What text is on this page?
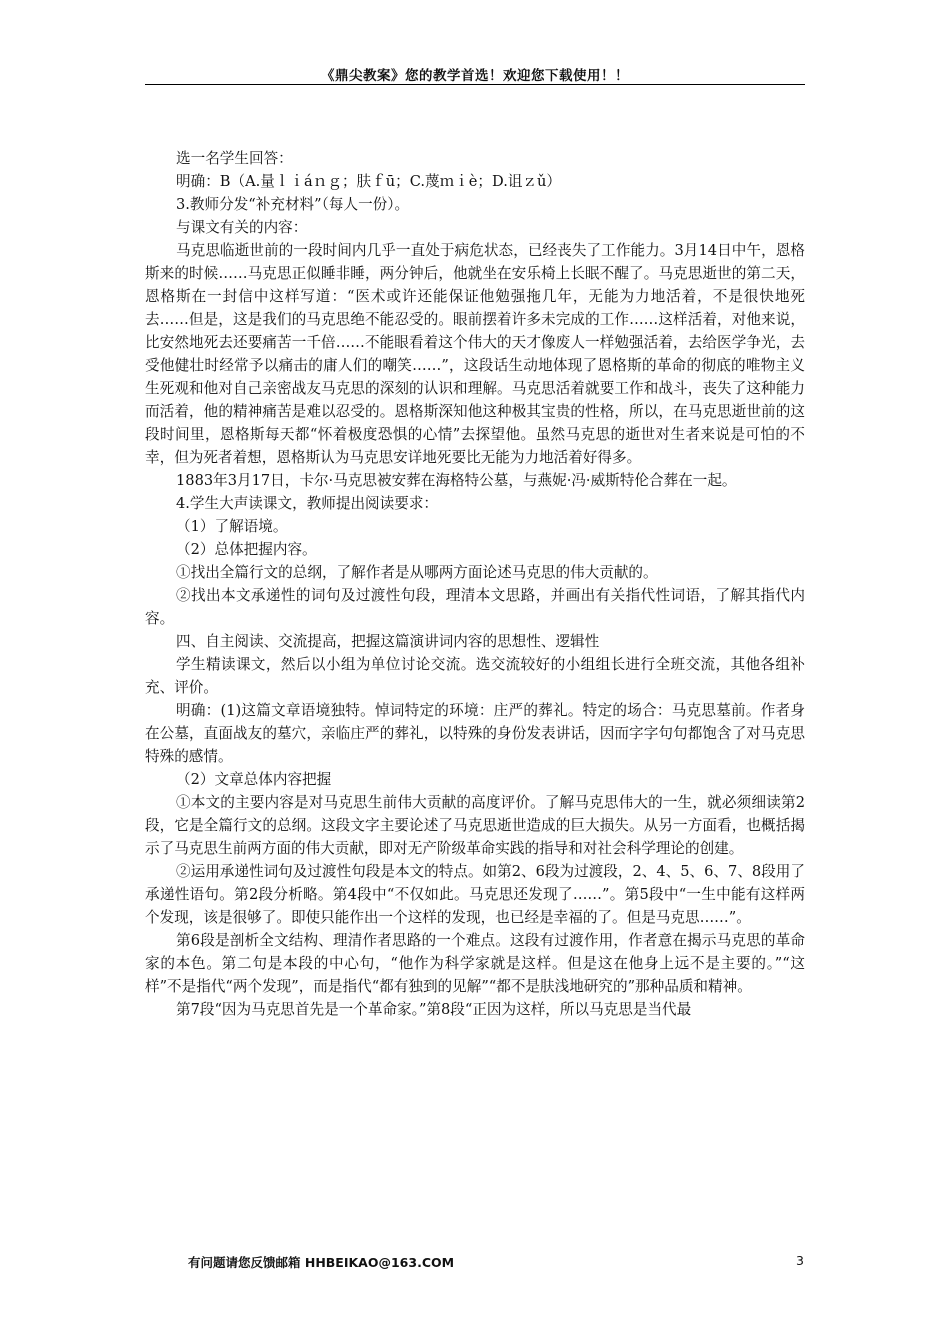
《鼎尖教案》您的教学首选！欢迎您下载使用！！

选一名学生回答：

明确：B（A.量ｌｉáｎｇ；肤ｆū；C.蔑ｍｉè；D.诅ｚǔ）

3.教师分发“补充材料”（每人一份）。

与课文有关的内容：

马克思临逝世前的一段时间内几乎一直处于病危状态，已经丧失了工作能力。3月14日中午，恩格斯来的时候……马克思正似睡非睡，两分钟后，他就坐在安乐椅上长眠不醒了。马克思逝世的第二天，恩格斯在一封信中这样写道：“医术或许还能保证他勉强拖几年，无能为力地活着，不是很快地死去……但是，这是我们的马克思绝不能忍受的。眼前摆着许多未完成的工作……这样活着，对他来说，比安然地死去还要痛苦一千倍……不能眼看着这个伟大的天才像废人一样勉强活着，去给医学争光，去受他健壮时经常予以痛击的庸人们的嘲笑……”，这段话生动地体现了恩格斯的革命的彻底的唯物主义生死观和他对自己亲密战友马克思的深刻的认识和理解。马克思活着就要工作和战斗，丧失了这种能力而活着，他的精神痛苦是难以忍受的。恩格斯深知他这种极其宝贵的性格，所以，在马克思逝世前的这段时间里，恩格斯每天都“怀着极度恐惧的心情”去探望他。虽然马克思的逝世对生者来说是可怕的不幸，但为死者着想，恩格斯认为马克思安详地死要比无能为力地活着好得多。

1883年3月17日，卡尔·马克思被安葬在海格特公墓，与燕妮·冯·威斯特伦合葬在一起。

4.学生大声读课文，教师提出阅读要求：

（1）了解语境。

（2）总体把握内容。

①找出全篇行文的总纲，了解作者是从哪两方面论述马克思的伟大贡献的。

②找出本文承递性的词句及过渡性句段，理清本文思路，并画出有关指代性词语，了解其指代内容。

四、自主阅读、交流提高，把握这篇演讲词内容的思想性、逻辑性

学生精读课文，然后以小组为单位讨论交流。选交流较好的小组组长进行全班交流，其他各组补充、评价。

明确：(1)这篇文章语境独特。悼词特定的环境：庄严的葬礼。特定的场合：马克思墓前。作者身在公墓，直面战友的墓穴，亲临庄严的葬礼，以特殊的身份发表讲话，因而字字句句都饱含了对马克思特殊的感情。

（2）文章总体内容把握

①本文的主要内容是对马克思生前伟大贡献的高度评价。了解马克思伟大的一生，就必须细读第2段，它是全篇行文的总纲。这段文字主要论述了马克思逝世造成的巨大损失。从另一方面看，也概括揭示了马克思生前两方面的伟大贡献，即对无产阶级革命实践的指导和对社会科学理论的创建。

②运用承递性词句及过渡性句段是本文的特点。如第2、6段为过渡段，2、4、5、6、7、8段用了承递性语句。第2段分析略。第4段中“不仅如此。马克思还发现了……”。第5段中“一生中能有这样两个发现，该是很够了。即使只能作出一个这样的发现，也已经是幸福的了。但是马克思……”。

第6段是剖析全文结构、理清作者思路的一个难点。这段有过渡作用，作者意在揭示马克思的革命家的本色。第二句是本段的中心句，“他作为科学家就是这样。但是这在他身上远不是主要的。”“这样”不是指代“两个发现”，而是指代“都有独到的见解”“都不是肤浅地研究的”那种品质和精神。

第7段“因为马克思首先是一个革命家。”第8段“正因为这样，所以马克思是当代最

有问题请您反馈邮箱 HHBEIKAO@163.COM	3
